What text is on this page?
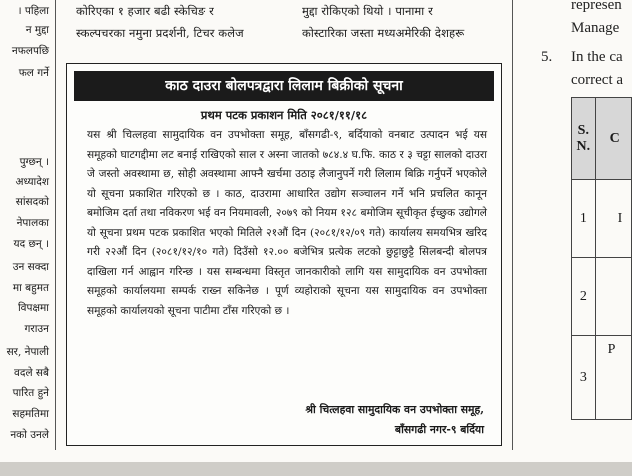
। पहिला
न मुद्दा
नफलपछि
फल गर्ने
पुग्छन् ।
अध्यादेश
सांसदको
नेपालका
यद छन् ।
उन सक्दा
मा बहुमत
विपक्षमा
गराउन
सर, नेपाली
वदले सबै
पारित हुने
सहमतिमा
नको उनले
कोरिएका १ हजार बढी स्केचिङ र
स्कल्पचरका नमुना प्रदर्शनी, टिचर कलेज
मुद्दा रोकिएको थियो । पानामा र
कोस्टारिका जस्ता मध्यअमेरिकी देशहरू
काठ दाउरा बोलपत्रद्वारा लिलाम बिक्रीको सूचना
प्रथम पटक प्रकाशन मिति २०८१/११/१८

यस श्री चित्लहवा सामुदायिक वन उपभोक्ता समूह, बाँसगढी-९, बर्दियाको वनबाट उत्पादन भई यस समूहको घाटगद्दीमा लट बनाई राखिएको साल र अस्ना जातको ७८४.४ घ.फि. काठ र ३ चट्टा सालको दाउरा जे जस्तो अवस्थामा छ, सोही अवस्थामा आफ्नै खर्चमा उठाइ लैजानुपर्ने गरी लिलाम बिक्रि गर्नुपर्ने भएकोले यो सूचना प्रकाशित गरिएको छ । काठ, दाउरामा आधारित उद्योग सञ्चालन गर्ने भनि प्रचलित कानून बमोजिम दर्ता तथा नविकरण भई वन नियमावली, २०७९ को नियम १२८ बमोजिम सूचीकृत ईच्छुक उद्योगले यो सूचना प्रथम पटक प्रकाशित भएको मितिले २१औं दिन (२०८१/१२/०९ गते) कार्यालय समयभित्र खरिद गरी २२औं दिन (२०८१/१२/१० गते) दिउँसो १२.०० बजेभित्र प्रत्येक लटको छुट्टाछुट्टै सिलबन्दी बोलपत्र दाखिला गर्न आह्वान गरिन्छ । यस सम्बन्धमा विस्तृत जानकारीको लागि यस सामुदायिक वन उपभोक्ता समूहको कार्यालयमा सम्पर्क राख्न सकिनेछ । पूर्ण व्यहोराको सूचना यस सामुदायिक वन उपभोक्ता समूहको कार्यालयको सूचना पाटीमा टाँस गरिएको छ ।

श्री चित्लहवा सामुदायिक वन उपभोक्ता समूह,
बाँसगढी नगर-९ बर्दिया
represen
Manage
5. In the ca
correct a
S. N.	C
1	I
2	
3	P
